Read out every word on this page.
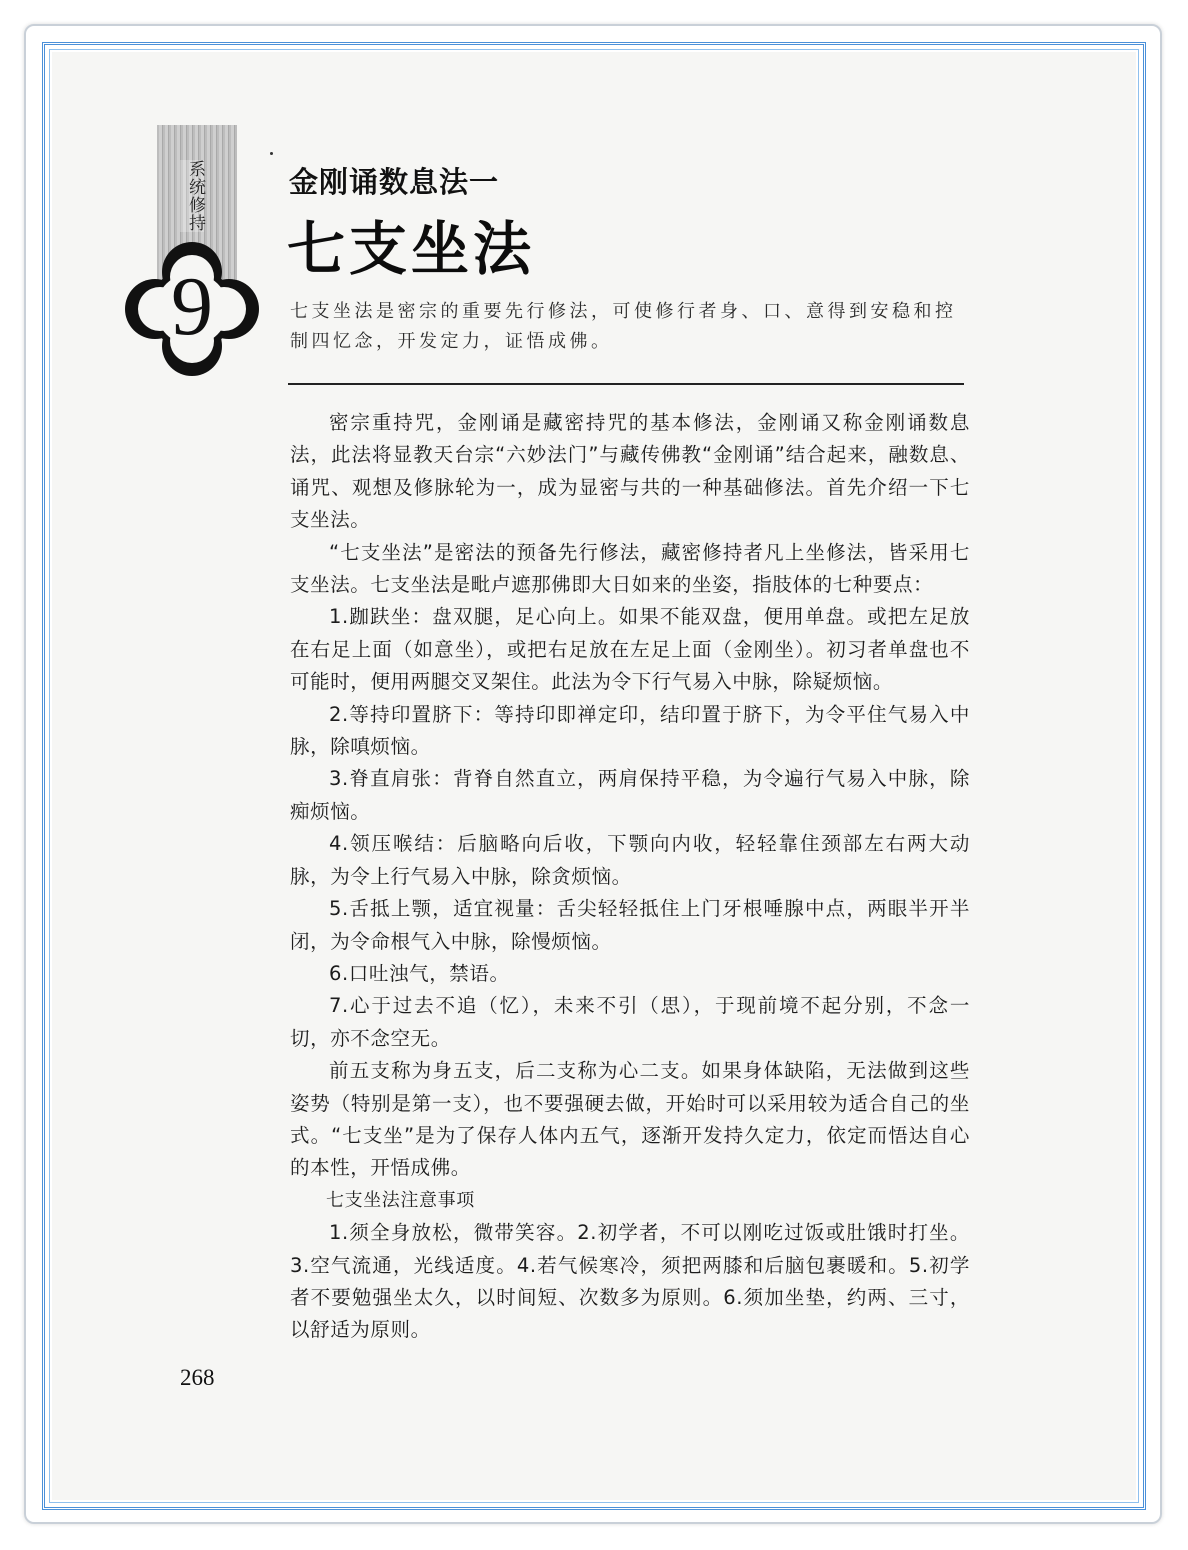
系统修持
9
金刚诵数息法一
七支坐法
七支坐法是密宗的重要先行修法，可使修行者身、口、意得到安稳和控制四忆念，开发定力，证悟成佛。

密宗重持咒，金刚诵是藏密持咒的基本修法，金刚诵又称金刚诵数息法，此法将显教天台宗“六妙法门”与藏传佛教“金刚诵”结合起来，融数息、诵咒、观想及修脉轮为一，成为显密与共的一种基础修法。首先介绍一下七支坐法。

“七支坐法”是密法的预备先行修法，藏密修持者凡上坐修法，皆采用七支坐法。七支坐法是毗卢遮那佛即大日如来的坐姿，指肢体的七种要点：

1.跏趺坐：盘双腿，足心向上。如果不能双盘，便用单盘。或把左足放在右足上面（如意坐），或把右足放在左足上面（金刚坐）。初习者单盘也不可能时，便用两腿交叉架住。此法为令下行气易入中脉，除疑烦恼。

2.等持印置脐下：等持印即禅定印，结印置于脐下，为令平住气易入中脉，除嗔烦恼。

3.脊直肩张：背脊自然直立，两肩保持平稳，为令遍行气易入中脉，除痴烦恼。

4.领压喉结：后脑略向后收，下颚向内收，轻轻靠住颈部左右两大动脉，为令上行气易入中脉，除贪烦恼。

5.舌抵上颚，适宜视量：舌尖轻轻抵住上门牙根唾腺中点，两眼半开半闭，为令命根气入中脉，除慢烦恼。

6.口吐浊气，禁语。

7.心于过去不追（忆），未来不引（思），于现前境不起分别，不念一切，亦不念空无。

前五支称为身五支，后二支称为心二支。如果身体缺陷，无法做到这些姿势（特别是第一支），也不要强硬去做，开始时可以采用较为适合自己的坐式。“七支坐”是为了保存人体内五气，逐渐开发持久定力，依定而悟达自心的本性，开悟成佛。

七支坐法注意事项

1.须全身放松，微带笑容。2.初学者，不可以刚吃过饭或肚饿时打坐。3.空气流通，光线适度。4.若气候寒冷，须把两膝和后脑包裹暖和。5.初学者不要勉强坐太久，以时间短、次数多为原则。6.须加坐垫，约两、三寸，以舒适为原则。

268
